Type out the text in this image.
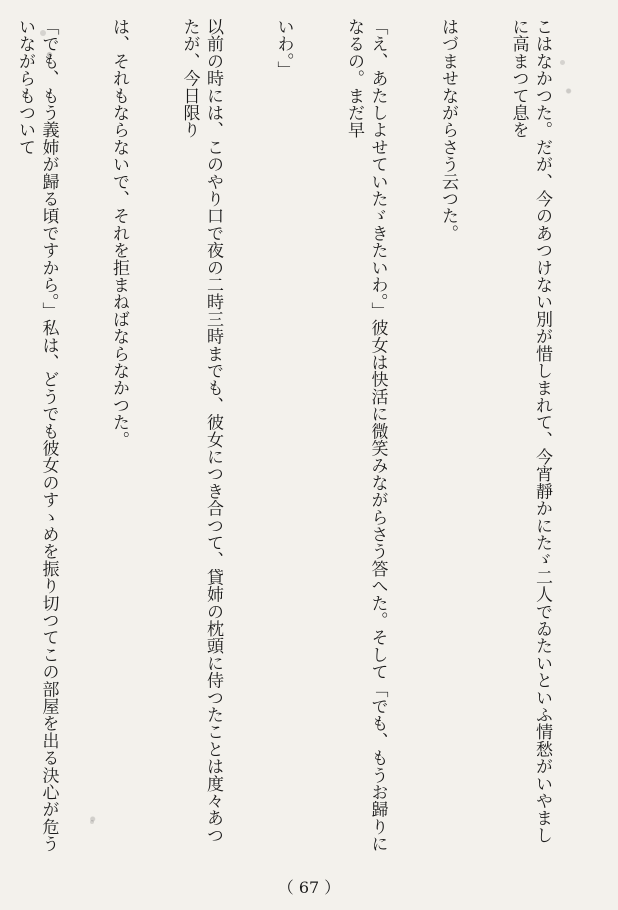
こはなかつた。だが、今のあつけない別が惜しまれて、今宵靜かにたゞ二人でゐたいといふ情愁がいやましに高まつて息を

はづませながらさう云つた。

「え、あたしよせていたゞきたいわ。」彼女は快活に微笑みながらさう答へた。そして「でも、もうお歸りになるの。まだ早

いわ。」

以前の時には、このやり口で夜の二時三時までも、彼女につき合つて、貸姉の枕頭に侍つたことは度々あつたが、今日限り

は、それもならないで、それを拒まねばならなかつた。

「でも、もう義姉が歸る頃ですから。」私は、どうでも彼女のすゝめを振り切つてこの部屋を出る決心が危ういながらもついて

（ 67 ）
